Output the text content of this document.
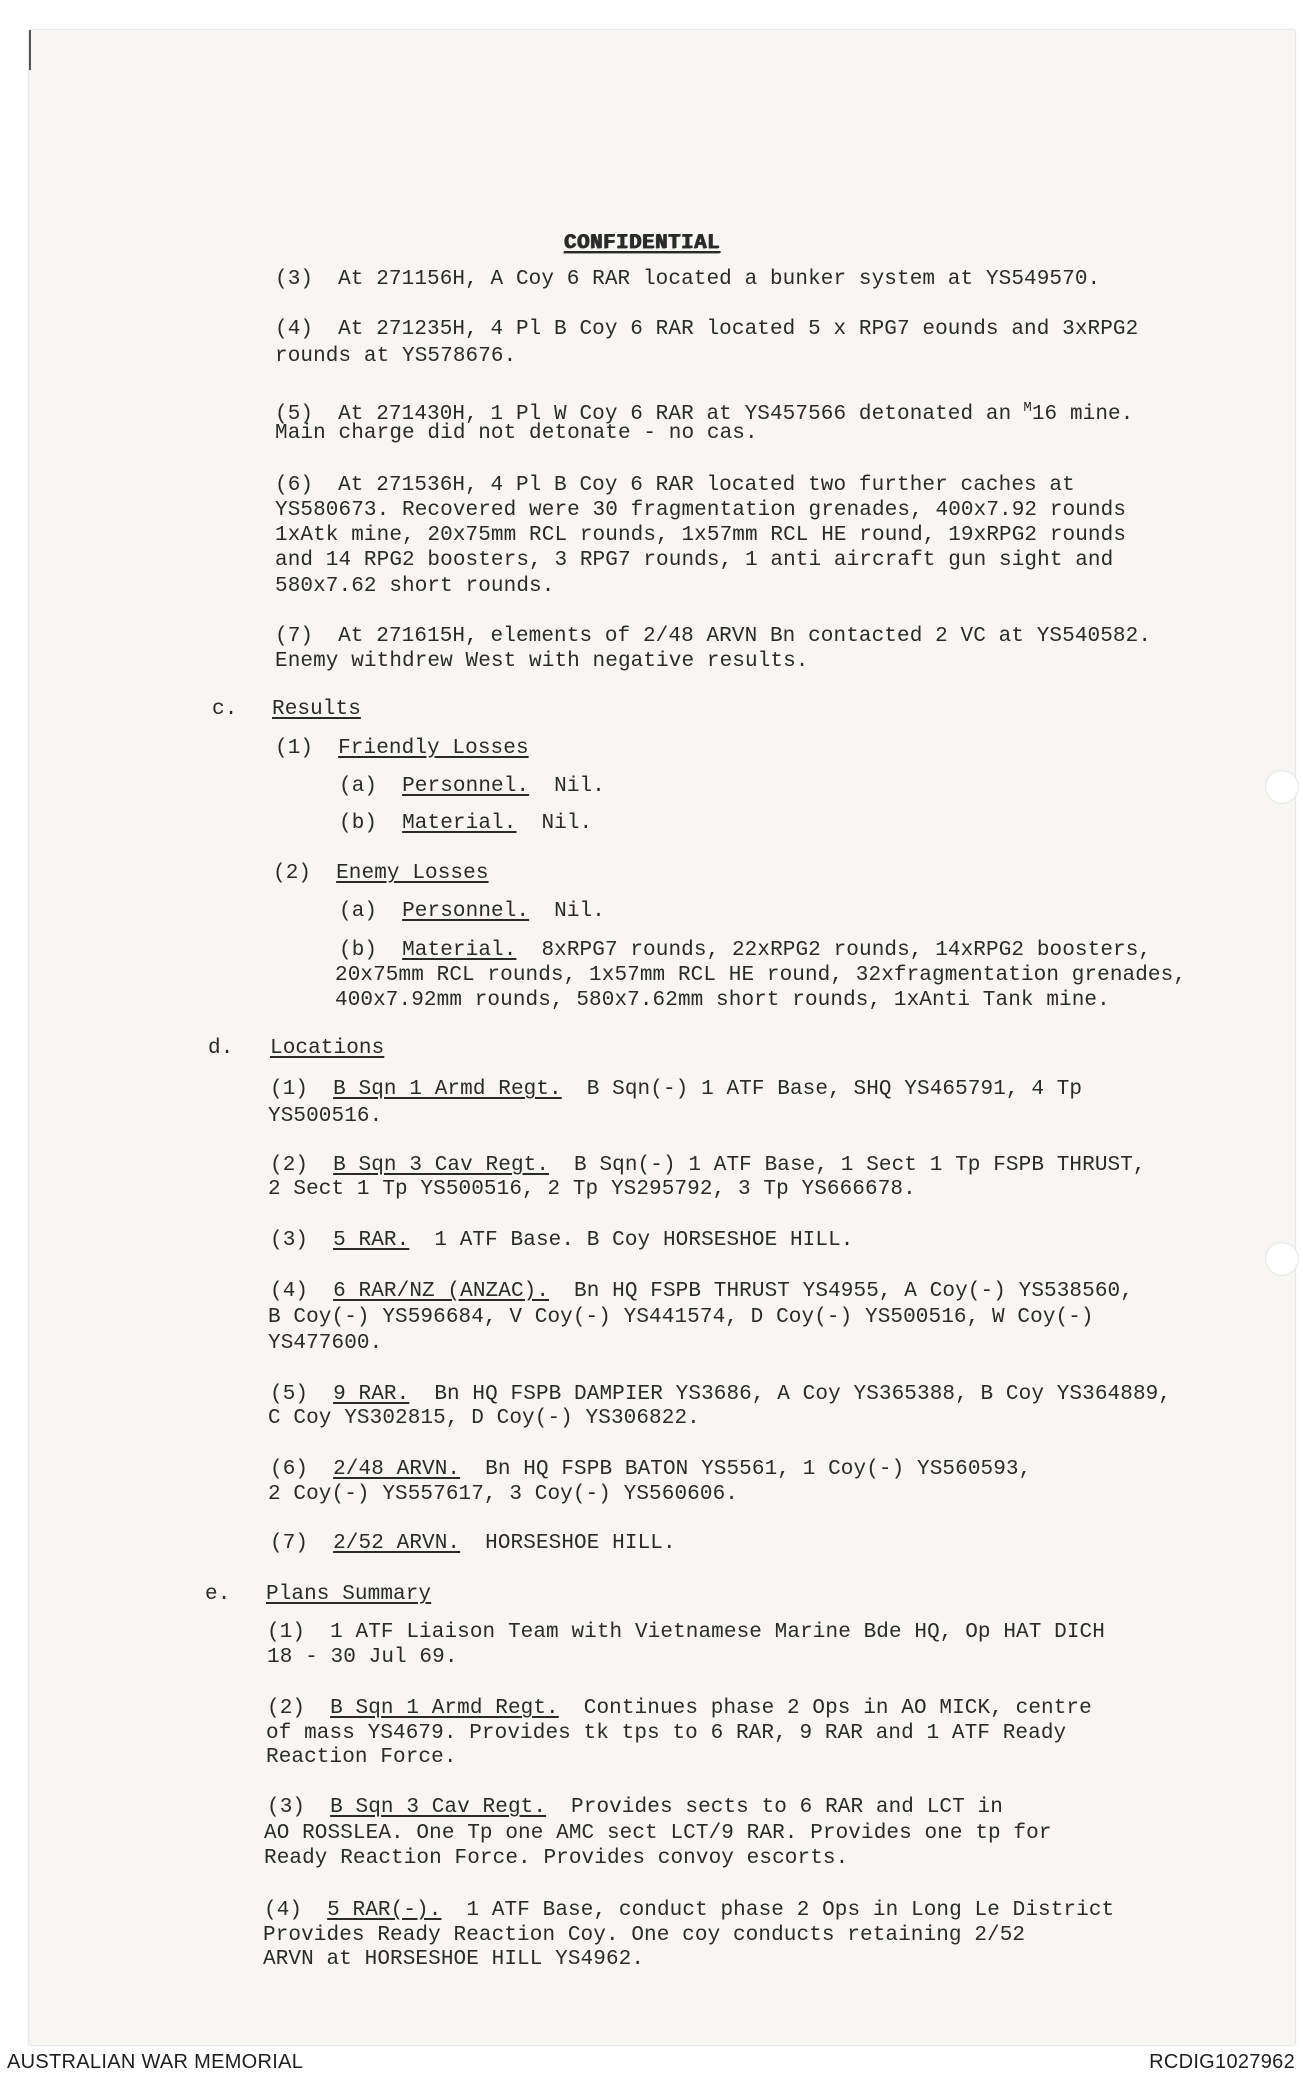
CONFIDENTIAL
(3) At 271156H, A Coy 6 RAR located a bunker system at YS549570.
(4) At 271235H, 4 Pl B Coy 6 RAR located 5 x RPG7 eounds and 3xRPG2
rounds at YS578676.
(5) At 271430H, 1 Pl W Coy 6 RAR at YS457566 detonated an $^M$16 mine.
Main charge did not detonate - no cas.
(6) At 271536H, 4 Pl B Coy 6 RAR located two further caches at
YS580673. Recovered were 30 fragmentation grenades, 400x7.92 rounds
1xAtk mine, 20x75mm RCL rounds, 1x57mm RCL HE round, 19xRPG2 rounds
and 14 RPG2 boosters, 3 RPG7 rounds, 1 anti aircraft gun sight and
580x7.62 short rounds.
(7) At 271615H, elements of 2/48 ARVN Bn contacted 2 VC at YS540582.
Enemy withdrew West with negative results.
c. Results
(1) Friendly Losses
(a) Personnel. Nil.
(b) Material. Nil.
(2) Enemy Losses
(a) Personnel. Nil.
(b) Material. 8xRPG7 rounds, 22xRPG2 rounds, 14xRPG2 boosters,
20x75mm RCL rounds, 1x57mm RCL HE round, 32xfragmentation grenades,
400x7.92mm rounds, 580x7.62mm short rounds, 1xAnti Tank mine.
d. Locations
(1) B Sqn 1 Armd Regt. B Sqn(-) 1 ATF Base, SHQ YS465791, 4 Tp
YS500516.
(2) B Sqn 3 Cav Regt. B Sqn(-) 1 ATF Base, 1 Sect 1 Tp FSPB THRUST,
2 Sect 1 Tp YS500516, 2 Tp YS295792, 3 Tp YS666678.
(3) 5 RAR. 1 ATF Base. B Coy HORSESHOE HILL.
(4) 6 RAR/NZ (ANZAC). Bn HQ FSPB THRUST YS4955, A Coy(-) YS538560,
B Coy(-) YS596684, V Coy(-) YS441574, D Coy(-) YS500516, W Coy(-)
YS477600.
(5) 9 RAR. Bn HQ FSPB DAMPIER YS3686, A Coy YS365388, B Coy YS364889,
C Coy YS302815, D Coy(-) YS306822.
(6) 2/48 ARVN. Bn HQ FSPB BATON YS5561, 1 Coy(-) YS560593,
2 Coy(-) YS557617, 3 Coy(-) YS560606.
(7) 2/52 ARVN. HORSESHOE HILL.
e. Plans Summary
(1) 1 ATF Liaison Team with Vietnamese Marine Bde HQ, Op HAT DICH
18 - 30 Jul 69.
(2) B Sqn 1 Armd Regt. Continues phase 2 Ops in AO MICK, centre
of mass YS4679. Provides tk tps to 6 RAR, 9 RAR and 1 ATF Ready
Reaction Force.
(3) B Sqn 3 Cav Regt. Provides sects to 6 RAR and LCT in
AO ROSSLEA. One Tp one AMC sect LCT/9 RAR. Provides one tp for
Ready Reaction Force. Provides convoy escorts.
(4) 5 RAR(-). 1 ATF Base, conduct phase 2 Ops in Long Le District
Provides Ready Reaction Coy. One coy conducts retaining 2/52
ARVN at HORSESHOE HILL YS4962.
AUSTRALIAN WAR MEMORIAL	RCDIG1027962
